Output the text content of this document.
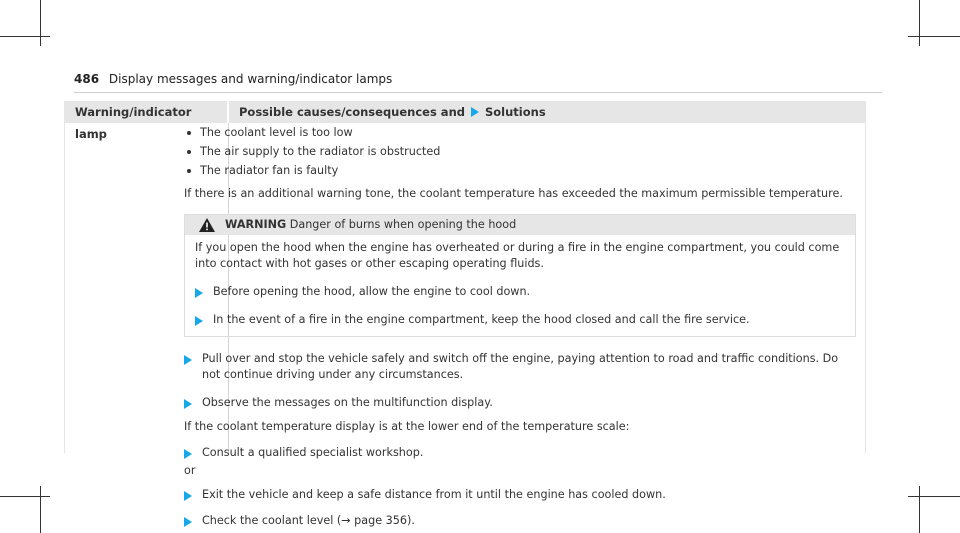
486 Display messages and warning/indicator lamps
Warning/indicator lamp
Possible causes/consequences and Solutions
The coolant level is too low
The air supply to the radiator is obstructed
The radiator fan is faulty
If there is an additional warning tone, the coolant temperature has exceeded the maximum permissible temperature.
WARNING Danger of burns when opening the hood
If you open the hood when the engine has overheated or during a fire in the engine compartment, you could come into contact with hot gases or other escaping operating fluids.
Before opening the hood, allow the engine to cool down.
In the event of a fire in the engine compartment, keep the hood closed and call the fire service.
Pull over and stop the vehicle safely and switch off the engine, paying attention to road and traffic conditions. Do not continue driving under any circumstances.
Observe the messages on the multifunction display.
If the coolant temperature display is at the lower end of the temperature scale:
Consult a qualified specialist workshop.
or
Exit the vehicle and keep a safe distance from it until the engine has cooled down.
Check the coolant level (→ page 356).
